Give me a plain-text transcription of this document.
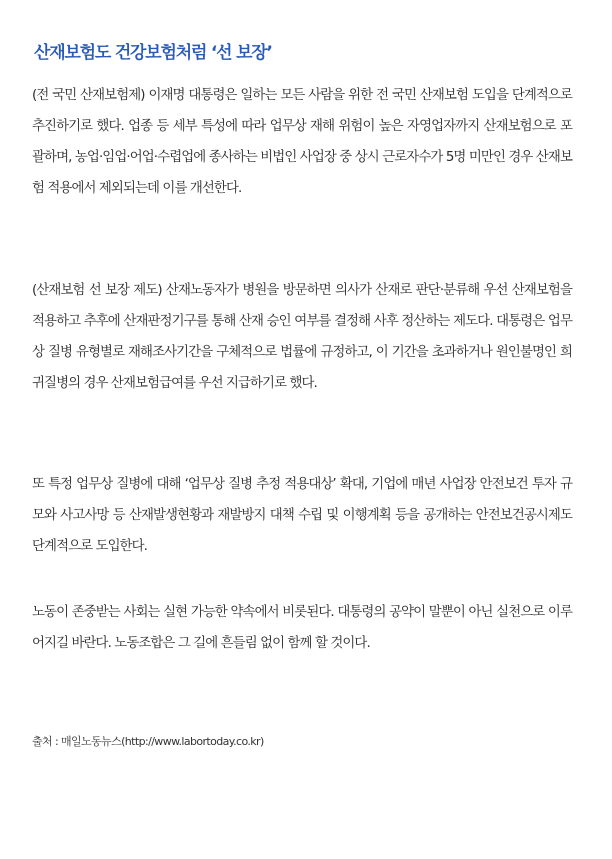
산재보험도 건강보험처럼 ‘선 보장’

(전 국민 산재보험제) 이재명 대통령은 일하는 모든 사람을 위한 전 국민 산재보험 도입을 단계적으로 추진하기로 했다. 업종 등 세부 특성에 따라 업무상 재해 위험이 높은 자영업자까지 산재보험으로 포괄하며, 농업·임업·어업·수렵업에 종사하는 비법인 사업장 중 상시 근로자수가 5명 미만인 경우 산재보험 적용에서 제외되는데 이를 개선한다.

(산재보험 선 보장 제도) 산재노동자가 병원을 방문하면 의사가 산재로 판단·분류해 우선 산재보험을 적용하고 추후에 산재판정기구를 통해 산재 승인 여부를 결정해 사후 정산하는 제도다. 대통령은 업무상 질병 유형별로 재해조사기간을 구체적으로 법률에 규정하고, 이 기간을 초과하거나 원인불명인 희귀질병의 경우 산재보험급여를 우선 지급하기로 했다.

또 특정 업무상 질병에 대해 ‘업무상 질병 추정 적용대상’ 확대, 기업에 매년 사업장 안전보건 투자 규모와 사고사망 등 산재발생현황과 재발방지 대책 수립 및 이행계획 등을 공개하는 안전보건공시제도 단계적으로 도입한다.

노동이 존중받는 사회는 실현 가능한 약속에서 비롯된다. 대통령의 공약이 말뿐이 아닌 실천으로 이루어지길 바란다. 노동조합은 그 길에 흔들림 없이 함께 할 것이다.

출처 : 매일노동뉴스(http://www.labortoday.co.kr)
